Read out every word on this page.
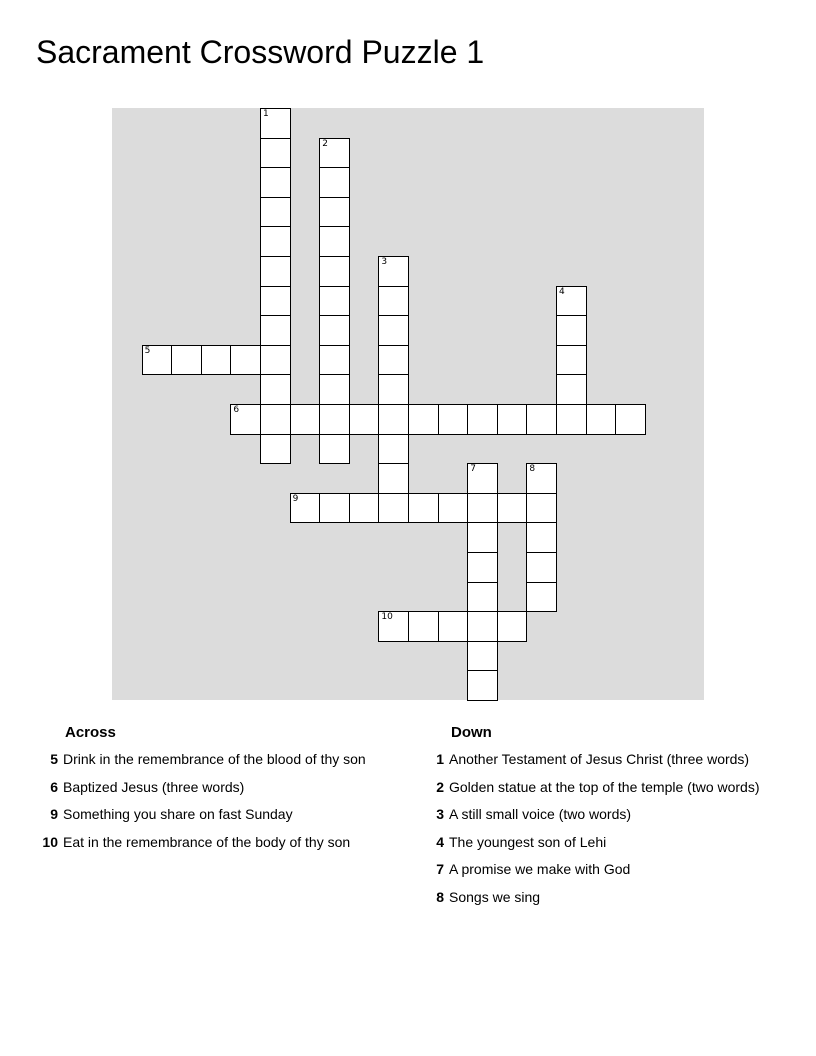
Sacrament Crossword Puzzle 1
1
2
3
4
5
6
7	8
9
10
Across
5 Drink in the remembrance of the blood of thy son
6 Baptized Jesus (three words)
9 Something you share on fast Sunday
10 Eat in the remembrance of the body of thy son
Down
1 Another Testament of Jesus Christ (three words)
2 Golden statue at the top of the temple (two words)
3 A still small voice (two words)
4 The youngest son of Lehi
7 A promise we make with God
8 Songs we sing
